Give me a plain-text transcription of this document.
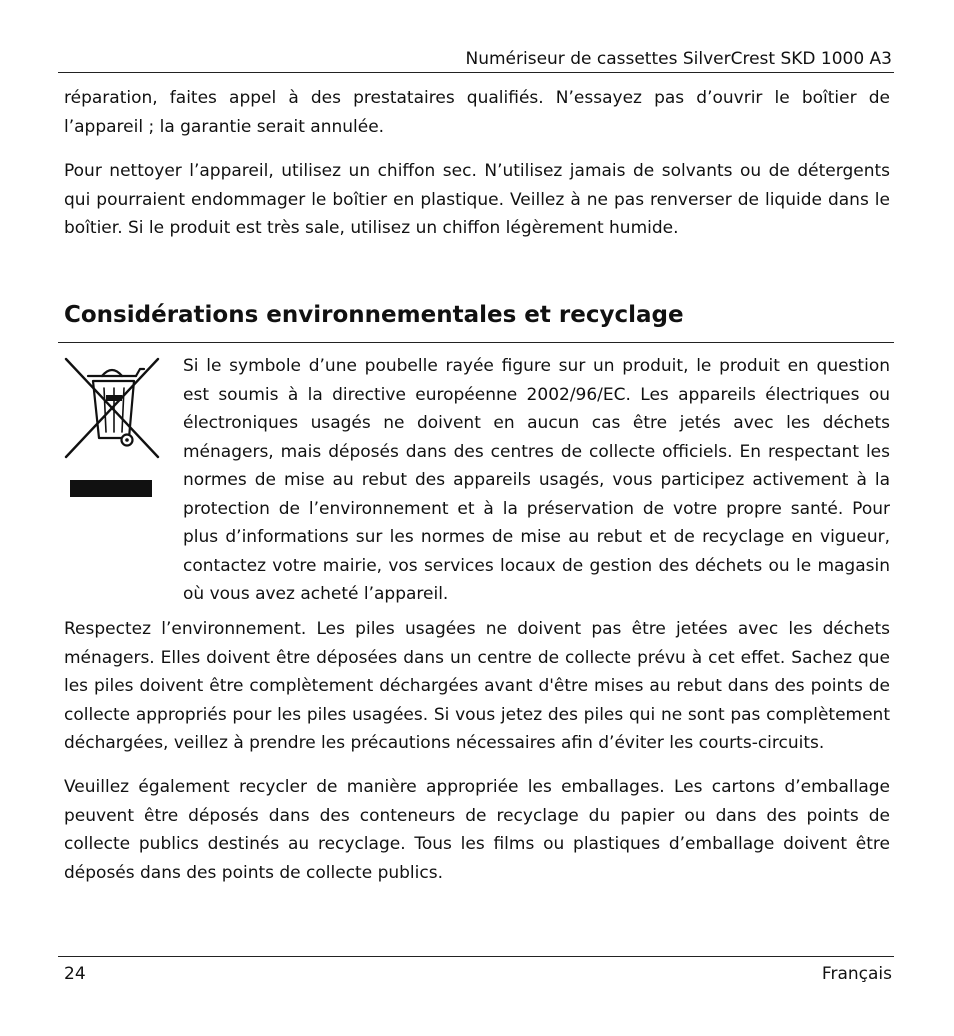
Numériseur de cassettes SilverCrest SKD 1000 A3

réparation, faites appel à des prestataires qualifiés. N’essayez pas d’ouvrir le boîtier de l’appareil ; la garantie serait annulée.

Pour nettoyer l’appareil, utilisez un chiffon sec. N’utilisez jamais de solvants ou de détergents qui pourraient endommager le boîtier en plastique. Veillez à ne pas renverser de liquide dans le boîtier. Si le produit est très sale, utilisez un chiffon légèrement humide.

Considérations environnementales et recyclage

Si le symbole d’une poubelle rayée figure sur un produit, le produit en question est soumis à la directive européenne 2002/96/EC. Les appareils électriques ou électroniques usagés ne doivent en aucun cas être jetés avec les déchets ménagers, mais déposés dans des centres de collecte officiels. En respectant les normes de mise au rebut des appareils usagés, vous participez activement à la protection de l’environnement et à la préservation de votre propre santé. Pour plus d’informations sur les normes de mise au rebut et de recyclage en vigueur, contactez votre mairie, vos services locaux de gestion des déchets ou le magasin où vous avez acheté l’appareil.

Respectez l’environnement. Les piles usagées ne doivent pas être jetées avec les déchets ménagers. Elles doivent être déposées dans un centre de collecte prévu à cet effet. Sachez que les piles doivent être complètement déchargées avant d'être mises au rebut dans des points de collecte appropriés pour les piles usagées. Si vous jetez des piles qui ne sont pas complètement déchargées, veillez à prendre les précautions nécessaires afin d’éviter les courts-circuits.

Veuillez également recycler de manière appropriée les emballages. Les cartons d’emballage peuvent être déposés dans des conteneurs de recyclage du papier ou dans des points de collecte publics destinés au recyclage. Tous les films ou plastiques d’emballage doivent être déposés dans des points de collecte publics.

24	Français
